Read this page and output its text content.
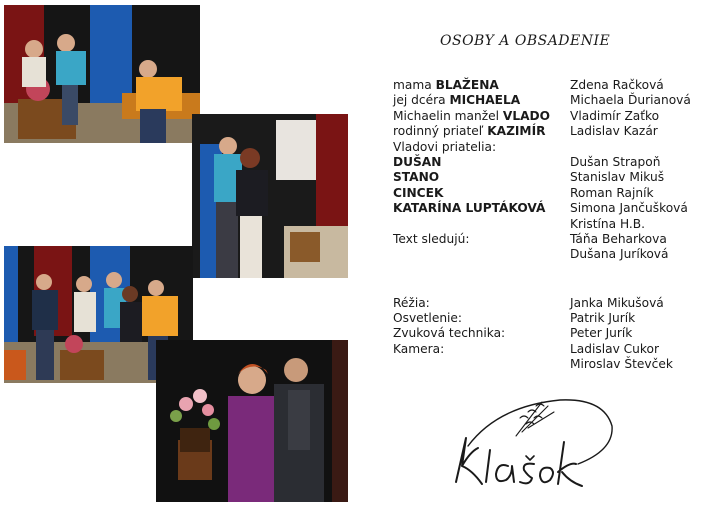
OSOBY A OBSADENIE
mama BLAŽENA	Zdena Račková
jej dcéra MICHAELA	Michaela Ďurianová
Michaelin manžel VLADO	Vladimír Zaťko
rodinný priateľ KAZIMÍR	Ladislav Kazár
Vladovi priatelia:
DUŠAN	Dušan Strapoň
STANO	Stanislav Mikuš
CINCEK	Roman Rajník
KATARÍNA LUPTÁKOVÁ	Simona Jančušková
Kristína H.B.
Text sledujú:	Táňa Beharkova
Dušana Juríková
Réžia:	Janka Mikušová
Osvetlenie:	Patrik Jurík
Zvuková technika:	Peter Jurík
Kamera:	Ladislav Cukor
Miroslav Števček
